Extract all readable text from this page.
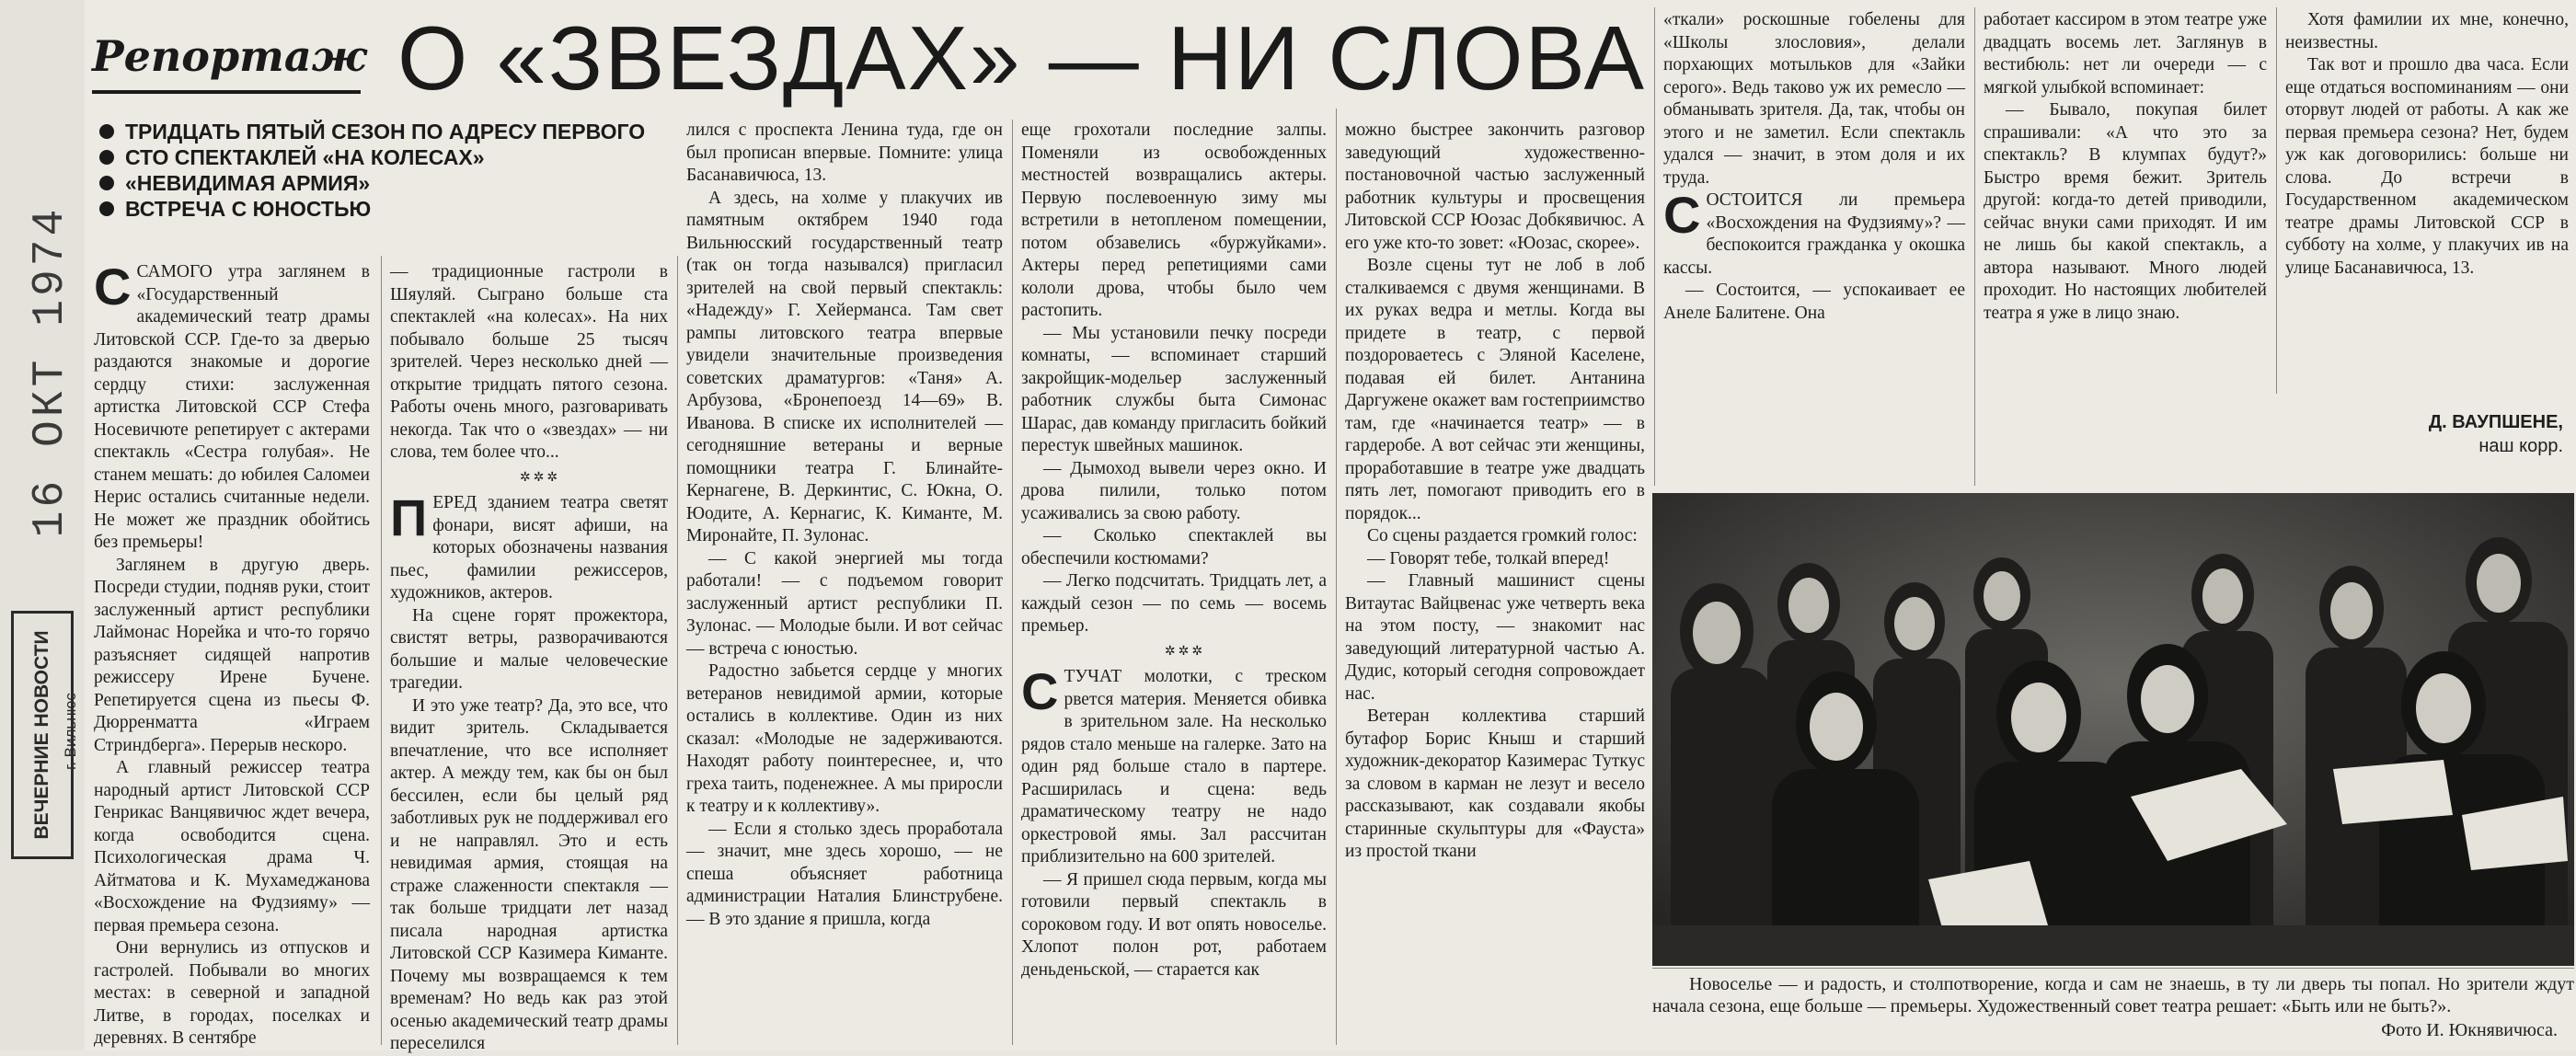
16 ОКТ 1974
ВЕЧЕРНИЕ НОВОСТИ г. Вильнюс
Репортаж О «ЗВЕЗДАХ» — НИ СЛОВА
ТРИДЦАТЬ ПЯТЫЙ СЕЗОН ПО АДРЕСУ ПЕРВОГО
СТО СПЕКТАКЛЕЙ «НА КОЛЕСАХ»
«НЕВИДИМАЯ АРМИЯ»
ВСТРЕЧА С ЮНОСТЬЮ

ССАМОГО утра заглянем в «Государственный академический театр драмы Литовской ССР. Где-то за дверью раздаются знакомые и дорогие сердцу стихи: заслуженная артистка Литовской ССР Стефа Носевичюте репетирует с актерами спектакль «Сестра голубая». Не станем мешать: до юбилея Саломеи Нерис остались считанные недели. Не может же праздник обойтись без премьеры!

Заглянем в другую дверь. Посреди студии, подняв руки, стоит заслуженный артист республики Лаймонас Норейка и что-то горячо разъясняет сидящей напротив режиссеру Ирене Бучене. Репетируется сцена из пьесы Ф. Дюрренматта «Играем Стриндберга». Перерыв нескоро.

А главный режиссер театра народный артист Литовской ССР Генрикас Ванцявичюс ждет вечера, когда освободится сцена. Психологическая драма Ч. Айтматова и К. Мухамеджанова «Восхождение на Фудзияму» — первая премьера сезона.

Они вернулись из отпусков и гастролей. Побывали во многих местах: в северной и западной Литве, в городах, поселках и деревнях. В сентябре

— традиционные гастроли в Шяуляй. Сыграно больше ста спектаклей «на колесах». На них побывало больше 25 тысяч зрителей. Через несколько дней — открытие тридцать пятого сезона. Работы очень много, разговаривать некогда. Так что о «звездах» — ни слова, тем более что...

✲✲✲

ПЕРЕД зданием театра светят фонари, висят афиши, на которых обозначены названия пьес, фамилии режиссеров, художников, актеров.

На сцене горят прожектора, свистят ветры, разворачиваются большие и малые человеческие трагедии.

И это уже театр? Да, это все, что видит зритель. Складывается впечатление, что все исполняет актер. А между тем, как бы он был бессилен, если бы целый ряд заботливых рук не поддерживал его и не направлял. Это и есть невидимая армия, стоящая на страже слаженности спектакля — так больше тридцати лет назад писала народная артистка Литовской ССР Казимера Киманте. Почему мы возвращаемся к тем временам? Но ведь как раз этой осенью академический театр драмы переселился

лился с проспекта Ленина туда, где он был прописан впервые. Помните: улица Басанавичюса, 13.

А здесь, на холме у плакучих ив памятным октябрем 1940 года Вильнюсский государственный театр (так он тогда назывался) пригласил зрителей на свой первый спектакль: «Надежду» Г. Хейерманса. Там свет рампы литовского театра впервые увидели значительные произведения советских драматургов: «Таня» А. Арбузова, «Бронепоезд 14—69» В. Иванова. В списке их исполнителей — сегодняшние ветераны и верные помощники театра Г. Блинайте-Кернагене, В. Деркинтис, С. Юкна, О. Юодите, А. Кернагис, К. Киманте, М. Миронайте, П. Зулонас.

— С какой энергией мы тогда работали! — с подъемом говорит заслуженный артист республики П. Зулонас. — Молодые были. И вот сейчас — встреча с юностью.

Радостно забьется сердце у многих ветеранов невидимой армии, которые остались в коллективе. Один из них сказал: «Молодые не задерживаются. Находят работу поинтереснее, и, что греха таить, поденежнее. А мы приросли к театру и к коллективу».

— Если я столько здесь проработала — значит, мне здесь хорошо, — не спеша объясняет работница администрации Наталия Блинструбене. — В это здание я пришла, когда

еще грохотали последние залпы. Поменяли из освобожденных местностей возвращались актеры. Первую послевоенную зиму мы встретили в нетопленом помещении, потом обзавелись «буржуйками». Актеры перед репетициями сами кололи дрова, чтобы было чем растопить.

— Мы установили печку посреди комнаты, — вспоминает старший закройщик-модельер заслуженный работник службы быта Симонас Шарас, дав команду пригласить бойкий перестук швейных машинок.

— Дымоход вывели через окно. И дрова пилили, только потом усаживались за свою работу.

— Сколько спектаклей вы обеспечили костюмами?

— Легко подсчитать. Тридцать лет, а каждый сезон — по семь — восемь премьер.

✲✲✲

СТУЧАТ молотки, с треском рвется материя. Меняется обивка в зрительном зале. На несколько рядов стало меньше на галерке. Зато на один ряд больше стало в партере. Расширилась и сцена: ведь драматическому театру не надо оркестровой ямы. Зал рассчитан приблизительно на 600 зрителей.

— Я пришел сюда первым, когда мы готовили первый спектакль в сороковом году. И вот опять новоселье. Хлопот полон рот, работаем деньденьской, — старается как

можно быстрее закончить разговор заведующий художественно-постановочной частью заслуженный работник культуры и просвещения Литовской ССР Юозас Добкявичюс. А его уже кто-то зовет: «Юозас, скорее».

Возле сцены тут не лоб в лоб сталкиваемся с двумя женщинами. В их руках ведра и метлы. Когда вы придете в театр, с первой поздороваетесь с Эляной Каселене, подавая ей билет. Антанина Даргужене окажет вам гостеприимство там, где «начинается театр» — в гардеробе. А вот сейчас эти женщины, проработавшие в театре уже двадцать пять лет, помогают приводить его в порядок...

Со сцены раздается громкий голос:

— Говорят тебе, толкай вперед!

— Главный машинист сцены Витаутас Вайцвенас уже четверть века на этом посту, — знакомит нас заведующий литературной частью А. Дудис, который сегодня сопровождает нас.

Ветеран коллектива старший бутафор Борис Кныш и старший художник-декоратор Казимерас Туткус за словом в карман не лезут и весело рассказывают, как создавали якобы старинные скульптуры для «Фауста» из простой ткани

«ткали» роскошные гобелены для «Школы злословия», делали порхающих мотыльков для «Зайки серого». Ведь таково уж их ремесло — обманывать зрителя. Да, так, чтобы он этого и не заметил. Если спектакль удался — значит, в этом доля и их труда.

СОСТОИТСЯ ли премьера «Восхождения на Фудзияму»? — беспокоится гражданка у окошка кассы.

— Состоится, — успокаивает ее Анеле Балитене. Она

работает кассиром в этом театре уже двадцать восемь лет. Заглянув в вестибюль: нет ли очереди — с мягкой улыбкой вспоминает:

— Бывало, покупая билет спрашивали: «А что это за спектакль? В клумпах будут?» Быстро время бежит. Зритель другой: когда-то детей приводили, сейчас внуки сами приходят. И им не лишь бы какой спектакль, а автора называют. Много людей проходит. Но настоящих любителей театра я уже в лицо знаю.

Хотя фамилии их мне, конечно, неизвестны.

Так вот и прошло два часа. Если еще отдаться воспоминаниям — они оторвут людей от работы. А как же первая премьера сезона? Нет, будем уж как договорились: больше ни слова. До встречи в Государственном академическом театре драмы Литовской ССР в субботу на холме, у плакучих ив на улице Басанавичюса, 13.

Д. ВАУПШЕНЕ,
наш корр.

Новоселье — и радость, и столпотворение, когда и сам не знаешь, в ту ли дверь ты попал. Но зрители ждут начала сезона, еще больше — премьеры. Художественный совет театра решает: «Быть или не быть?».

Фото И. Юкнявичюса.
